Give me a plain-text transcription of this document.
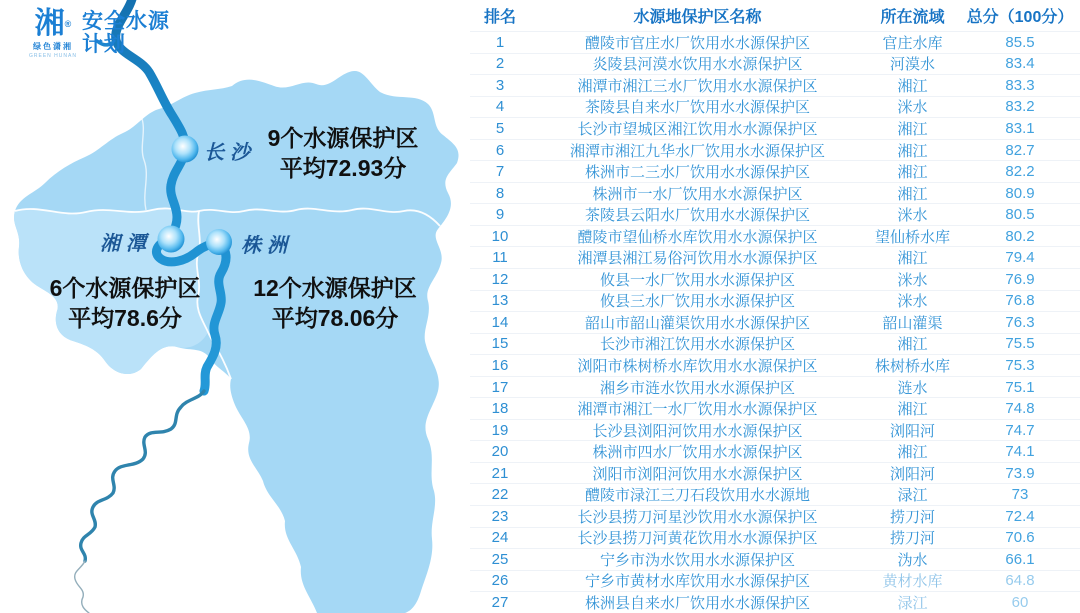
湘®
绿色潇湘
GREEN HUNAN
安全水源
计划
长沙
湘潭	株洲
9个水源保护区
平均72.93分
6个水源保护区
平均78.6分
12个水源保护区
平均78.06分
排名	水源地保护区名称	所在流域	总分（100分）
1	醴陵市官庄水厂饮用水水源保护区	官庄水库	85.5
2	炎陵县河漠水饮用水水源保护区	河漠水	83.4
3	湘潭市湘江三水厂饮用水水源保护区	湘江	83.3
4	茶陵县自来水厂饮用水水源保护区	洣水	83.2
5	长沙市望城区湘江饮用水水源保护区	湘江	83.1
6	湘潭市湘江九华水厂饮用水水源保护区	湘江	82.7
7	株洲市二三水厂饮用水水源保护区	湘江	82.2
8	株洲市一水厂饮用水水源保护区	湘江	80.9
9	茶陵县云阳水厂饮用水水源保护区	洣水	80.5
10	醴陵市望仙桥水库饮用水水源保护区	望仙桥水库	80.2
11	湘潭县湘江易俗河饮用水水源保护区	湘江	79.4
12	攸县一水厂饮用水水源保护区	洣水	76.9
13	攸县三水厂饮用水水源保护区	洣水	76.8
14	韶山市韶山灌渠饮用水水源保护区	韶山灌渠	76.3
15	长沙市湘江饮用水水源保护区	湘江	75.5
16	浏阳市株树桥水库饮用水水源保护区	株树桥水库	75.3
17	湘乡市涟水饮用水水源保护区	涟水	75.1
18	湘潭市湘江一水厂饮用水水源保护区	湘江	74.8
19	长沙县浏阳河饮用水水源保护区	浏阳河	74.7
20	株洲市四水厂饮用水水源保护区	湘江	74.1
21	浏阳市浏阳河饮用水水源保护区	浏阳河	73.9
22	醴陵市渌江三刀石段饮用水水源地	渌江	73
23	长沙县捞刀河星沙饮用水水源保护区	捞刀河	72.4
24	长沙县捞刀河黄花饮用水水源保护区	捞刀河	70.6
25	宁乡市沩水饮用水水源保护区	沩水	66.1
26	宁乡市黄材水库饮用水水源保护区	黄材水库	64.8
27	株洲县自来水厂饮用水水源保护区	渌江	60
